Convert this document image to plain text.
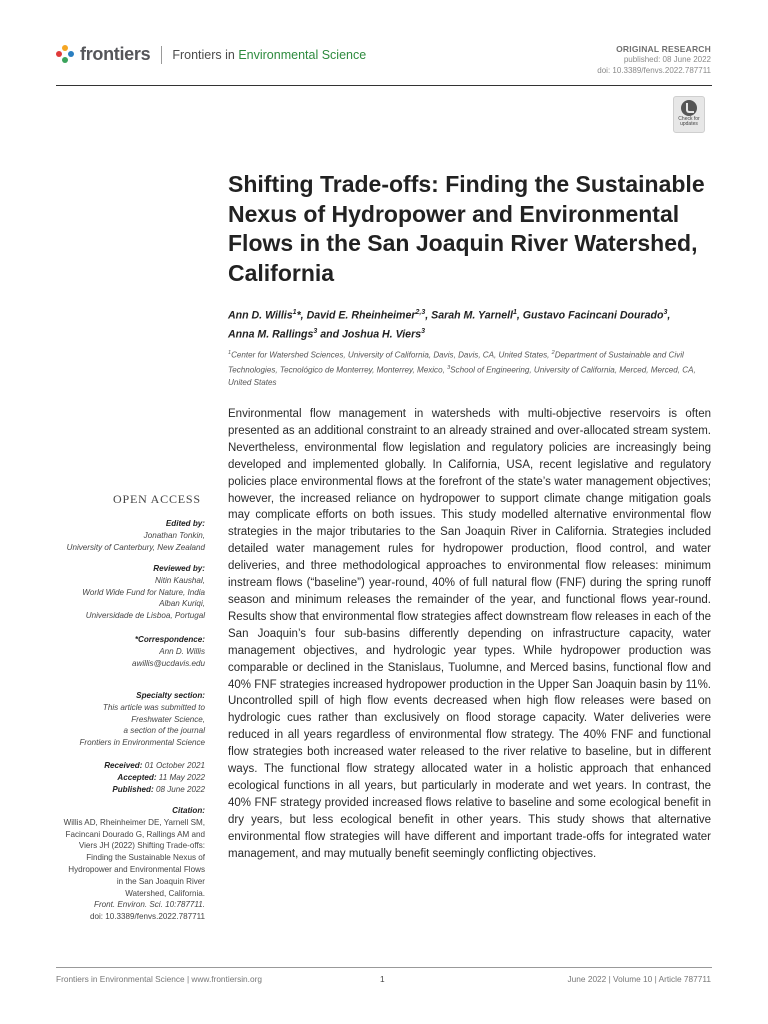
frontiers Frontiers in Environmental Science	ORIGINAL RESEARCH
published: 08 June 2022
doi: 10.3389/fenvs.2022.787711
Check for updates
Shifting Trade-offs: Finding the Sustainable Nexus of Hydropower and Environmental Flows in the San Joaquin River Watershed, California
Ann D. Willis$^1$*, David E. Rheinheimer$^{2,3}$, Sarah M. Yarnell$^1$, Gustavo Facincani Dourado$^3$,
Anna M. Rallings$^3$ and Joshua H. Viers$^3$
$^1$Center for Watershed Sciences, University of California, Davis, Davis, CA, United States, $^2$Department of Sustainable and Civil Technologies, Tecnológico de Monterrey, Monterrey, Mexico, $^3$School of Engineering, University of California, Merced, Merced, CA, United States
Environmental flow management in watersheds with multi-objective reservoirs is often presented as an additional constraint to an already strained and over-allocated stream system. Nevertheless, environmental flow legislation and regulatory policies are increasingly being developed and implemented globally. In California, USA, recent legislative and regulatory policies place environmental flows at the forefront of the state’s water management objectives; however, the increased reliance on hydropower to support climate change mitigation goals may complicate efforts on both issues. This study modelled alternative environmental flow strategies in the major tributaries to the San Joaquin River in California. Strategies included detailed water management rules for hydropower production, flood control, and water deliveries, and three methodological approaches to environmental flow releases: minimum instream flows (“baseline”) year-round, 40% of full natural flow (FNF) during the spring runoff season and minimum releases the remainder of the year, and functional flows year-round. Results show that environmental flow strategies affect downstream flow releases in each of the San Joaquin’s four sub-basins differently depending on infrastructure capacity, water management objectives, and hydrologic year types. While hydropower production was comparable or declined in the Stanislaus, Tuolumne, and Merced basins, functional flow and 40% FNF strategies increased hydropower production in the Upper San Joaquin basin by 11%. Uncontrolled spill of high flow events decreased when high flow releases were based on hydrologic cues rather than exclusively on flood storage capacity. Water deliveries were reduced in all years regardless of environmental flow strategy. The 40% FNF and functional flow strategies both increased water released to the river relative to baseline, but in different ways. The functional flow strategy allocated water in a holistic approach that enhanced ecological functions in all years, but particularly in moderate and wet years. In contrast, the 40% FNF strategy provided increased flows relative to baseline and some ecological benefit in dry years, but less ecological benefit in other years. This study shows that alternative environmental flow strategies will have different and important trade-offs for integrated water management, and may mutually benefit seemingly conflicting objectives.
OPEN ACCESS
Edited by:
Jonathan Tonkin,
University of Canterbury, New Zealand
Reviewed by:
Nitin Kaushal,
World Wide Fund for Nature, India
Alban Kuriqi,
Universidade de Lisboa, Portugal
*Correspondence:
Ann D. Willis
awillis@ucdavis.edu
Specialty section:
This article was submitted to
Freshwater Science,
a section of the journal
Frontiers in Environmental Science
Received: 01 October 2021
Accepted: 11 May 2022
Published: 08 June 2022
Citation:
Willis AD, Rheinheimer DE, Yarnell SM,
Facincani Dourado G, Rallings AM and
Viers JH (2022) Shifting Trade-offs:
Finding the Sustainable Nexus of
Hydropower and Environmental Flows
in the San Joaquin River
Watershed, California.
Front. Environ. Sci. 10:787711.
doi: 10.3389/fenvs.2022.787711
Frontiers in Environmental Science | www.frontiersin.org	1	June 2022 | Volume 10 | Article 787711
